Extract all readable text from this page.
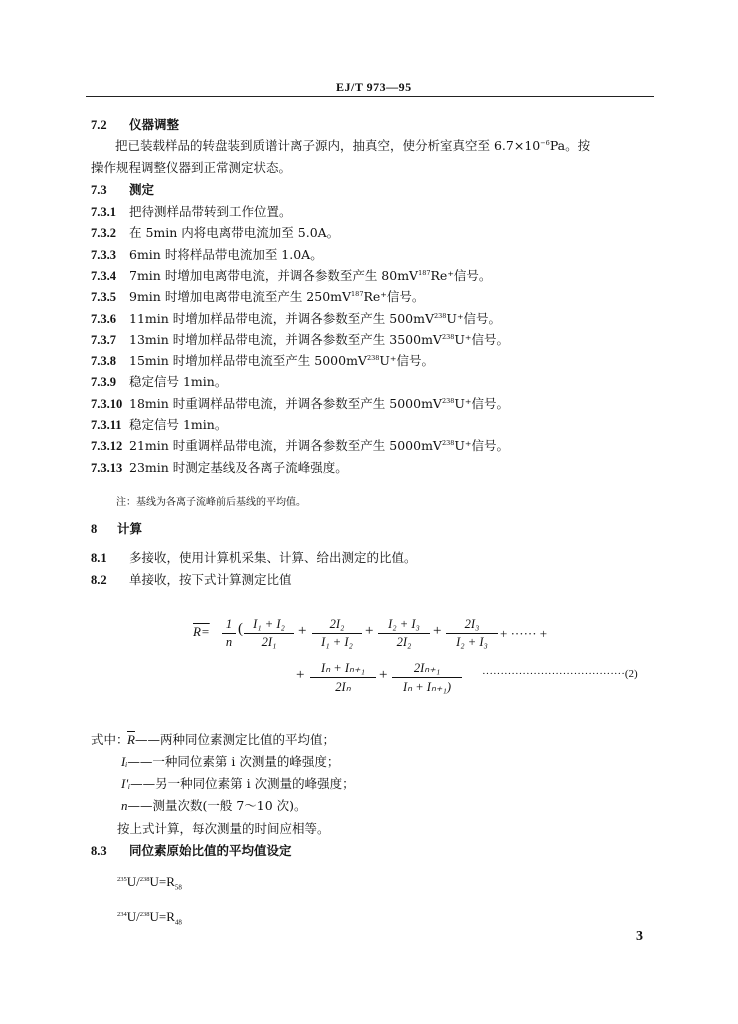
EJ/T 973—95
7.2 仪器调整
把已装载样品的转盘装到质谱计离子源内，抽真空，使分析室真空至 $6.7\times 10^{-6}Pa$。按
操作规程调整仪器到正常测定状态。
7.3 测定
7.3.1 把待测样品带转到工作位置。
7.3.2 在 5min 内将电离带电流加至 5.0A。
7.3.3 6min 时将样品带电流加至 1.0A。
7.3.4 7min 时增加电离带电流，并调各参数至产生 $80mV^{187}Re^+$信号。
7.3.5 9min 时增加电离带电流至产生 $250mV^{187}Re^+$信号。
7.3.6 11min 时增加样品带电流，并调各参数至产生 $500mV^{238}U^+$信号。
7.3.7 13min 时增加样品带电流，并调各参数至产生 $3500mV^{238}U^+$信号。
7.3.8 15min 时增加样品带电流至产生 $5000mV^{238}U^+$信号。
7.3.9 稳定信号 1min。
7.3.10 18min 时重调样品带电流，并调各参数至产生 $5000mV^{238}U^+$信号。
7.3.11 稳定信号 1min。
7.3.12 21min 时重调样品带电流，并调各参数至产生 $5000mV^{238}U^+$信号。
7.3.13 23min 时测定基线及各离子流峰强度。
注：基线为各离子流峰前后基线的平均值。
8 计算
8.1 多接收，使用计算机采集、计算、给出测定的比值。
8.2 单接收，按下式计算测定比值
R=	1
n
( I₁ + I₂
2I₁
+	2I₂
I₁ + I₂
+	I₂ + I₃
2I₂
+	2I₃
I₂ + I₃
+ ······ +
+	Iₙ + Iₙ₊₁
2Iₙ
+	2Iₙ₊₁
Iₙ + Iₙ₊₁)
·······································(2)
式中：
$\overline{R}——$两种同位素测定比值的平均值；
Iᵢ——一种同位素第 i 次测量的峰强度；
I'ᵢ——另一种同位素第 i 次测量的峰强度；
n——测量次数(一般 7～10 次)。
按上式计算，每次测量的时间应相等。
8.3 同位素原始比值的平均值设定
$^{235}U/^{238}U=R_{58}$
$^{234}U/^{238}U=R_{48}$
3
